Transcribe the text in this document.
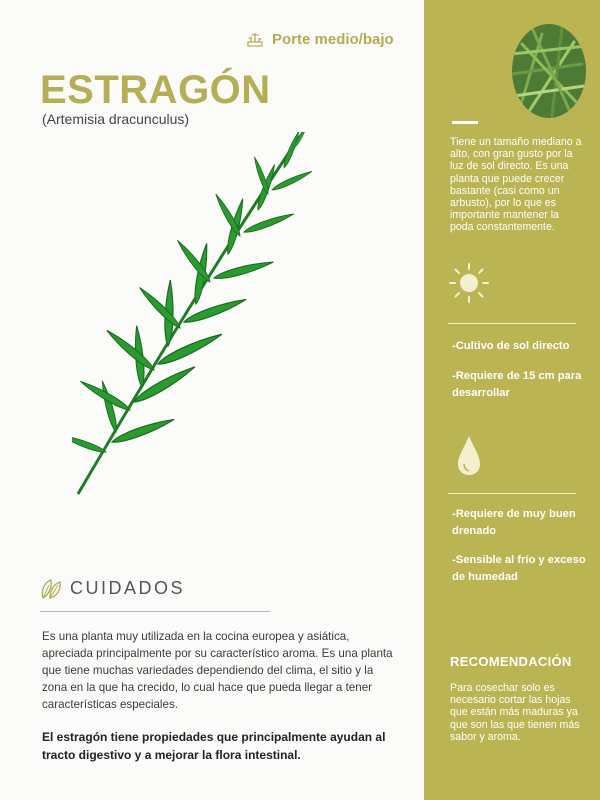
Porte medio/bajo
ESTRAGÓN
(Artemisia dracunculus)
CUIDADOS

Es una planta muy utilizada en la cocina europea y asiática, apreciada principalmente por su característico aroma. Es una planta que tiene muchas variedades dependiendo del clima, el sitio y la zona en la que ha crecido, lo cual hace que pueda llegar a tener características especiales.

El estragón tiene propiedades que principalmente ayudan al tracto digestivo y a mejorar la flora intestinal.

Tiene un tamaño mediano a alto, con gran gusto por la luz de sol directo. Es una planta que puede crecer bastante (casi como un arbusto), por lo que es importante mantener la poda constantemente.

-Cultivo de sol directo

-Requiere de 15 cm para desarrollar

-Requiere de muy buen drenado

-Sensible al frío y exceso de humedad

RECOMENDACIÓN

Para cosechar solo es necesario cortar las hojas que están más maduras ya que son las que tienen más sabor y aroma.
